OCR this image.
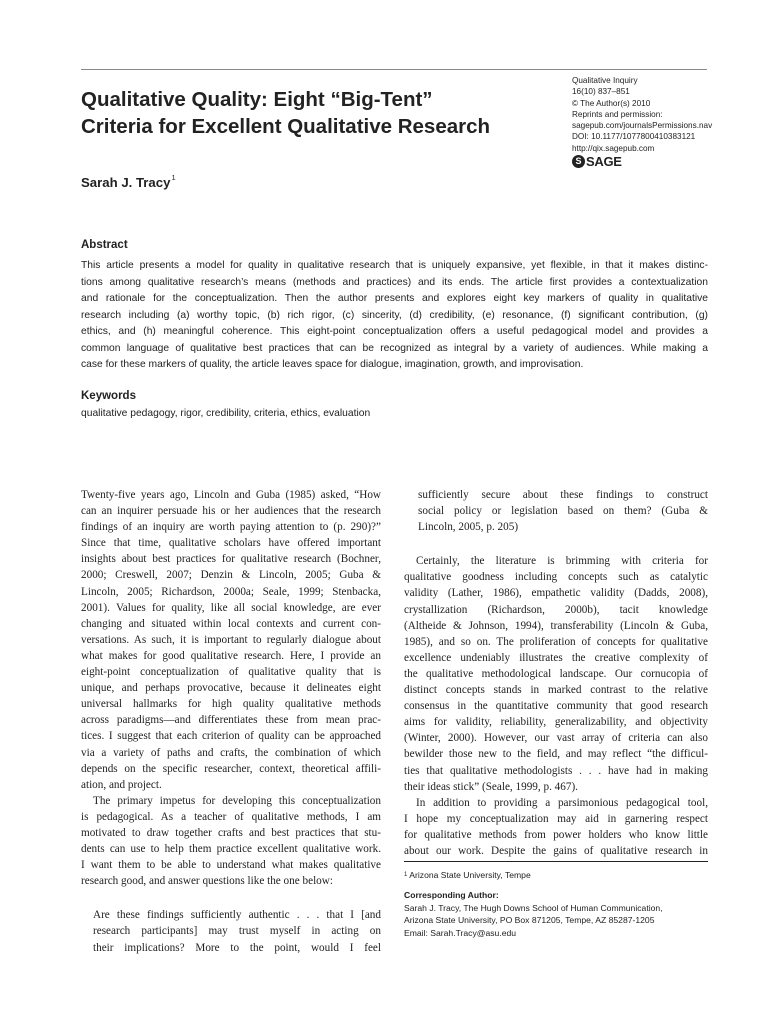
Qualitative Quality: Eight “Big-Tent”
Criteria for Excellent Qualitative Research
Qualitative Inquiry
16(10) 837–851
© The Author(s) 2010
Reprints and permission:
sagepub.com/journalsPermissions.nav
DOI: 10.1177/1077800410383121
http://qix.sagepub.com
S SAGE
Sarah J. Tracy$^1$
Abstract
This article presents a model for quality in qualitative research that is uniquely expansive, yet flexible, in that it makes distinc-
tions among qualitative research’s means (methods and practices) and its ends. The article first provides a contextualization
and rationale for the conceptualization. Then the author presents and explores eight key markers of quality in qualitative
research including (a) worthy topic, (b) rich rigor, (c) sincerity, (d) credibility, (e) resonance, (f) significant contribution, (g)
ethics, and (h) meaningful coherence. This eight-point conceptualization offers a useful pedagogical model and provides a
common language of qualitative best practices that can be recognized as integral by a variety of audiences. While making a
case for these markers of quality, the article leaves space for dialogue, imagination, growth, and improvisation.
Keywords
qualitative pedagogy, rigor, credibility, criteria, ethics, evaluation
Twenty-five years ago, Lincoln and Guba (1985) asked, “How
can an inquirer persuade his or her audiences that the research
findings of an inquiry are worth paying attention to (p. 290)?”
Since that time, qualitative scholars have offered important
insights about best practices for qualitative research (Bochner,
2000; Creswell, 2007; Denzin & Lincoln, 2005; Guba &
Lincoln, 2005; Richardson, 2000a; Seale, 1999; Stenbacka,
2001). Values for quality, like all social knowledge, are ever
changing and situated within local contexts and current con-
versations. As such, it is important to regularly dialogue about
what makes for good qualitative research. Here, I provide an
eight-point conceptualization of qualitative quality that is
unique, and perhaps provocative, because it delineates eight
universal hallmarks for high quality qualitative methods
across paradigms—and differentiates these from mean prac-
tices. I suggest that each criterion of quality can be approached
via a variety of paths and crafts, the combination of which
depends on the specific researcher, context, theoretical affili-
ation, and project.
The primary impetus for developing this conceptualization
is pedagogical. As a teacher of qualitative methods, I am
motivated to draw together crafts and best practices that stu-
dents can use to help them practice excellent qualitative work.
I want them to be able to understand what makes qualitative
research good, and answer questions like the one below:
Are these findings sufficiently authentic . . . that I [and
research participants] may trust myself in acting on
their implications? More to the point, would I feel
sufficiently secure about these findings to construct
social policy or legislation based on them? (Guba &
Lincoln, 2005, p. 205)
Certainly, the literature is brimming with criteria for
qualitative goodness including concepts such as catalytic
validity (Lather, 1986), empathetic validity (Dadds, 2008),
crystallization (Richardson, 2000b), tacit knowledge
(Altheide & Johnson, 1994), transferability (Lincoln & Guba,
1985), and so on. The proliferation of concepts for qualitative
excellence undeniably illustrates the creative complexity of
the qualitative methodological landscape. Our cornucopia of
distinct concepts stands in marked contrast to the relative
consensus in the quantitative community that good research
aims for validity, reliability, generalizability, and objectivity
(Winter, 2000). However, our vast array of criteria can also
bewilder those new to the field, and may reflect “the difficul-
ties that qualitative methodologists . . . have had in making
their ideas stick” (Seale, 1999, p. 467).
In addition to providing a parsimonious pedagogical tool,
I hope my conceptualization may aid in garnering respect
for qualitative methods from power holders who know little
about our work. Despite the gains of qualitative research in
$^1$ Arizona State University, Tempe
Corresponding Author:
Sarah J. Tracy, The Hugh Downs School of Human Communication,
Arizona State University, PO Box 871205, Tempe, AZ 85287-1205
Email: Sarah.Tracy@asu.edu
